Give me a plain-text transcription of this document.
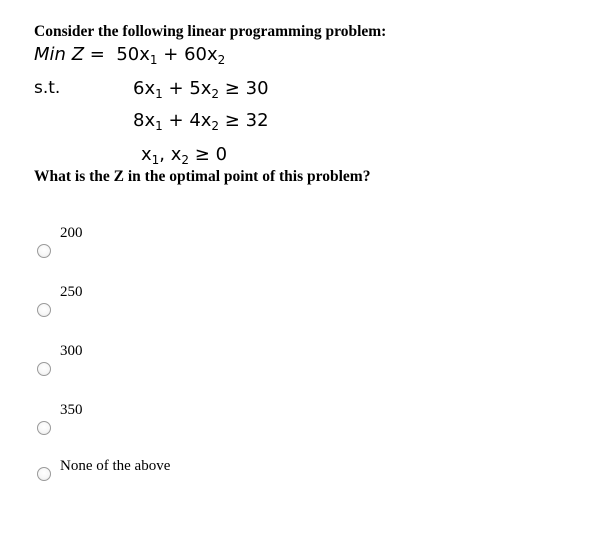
Consider the following linear programming problem:
Min $Z = 50x_1 + 60x_2$
s.t.	$6x_1 + 5x_2 \ge 30$
$8x_1 + 4x_2 \ge 32$
$x_1$, $x_2 \ge 0$
What is the Z in the optimal point of this problem?
200
250
300
350
None of the above
